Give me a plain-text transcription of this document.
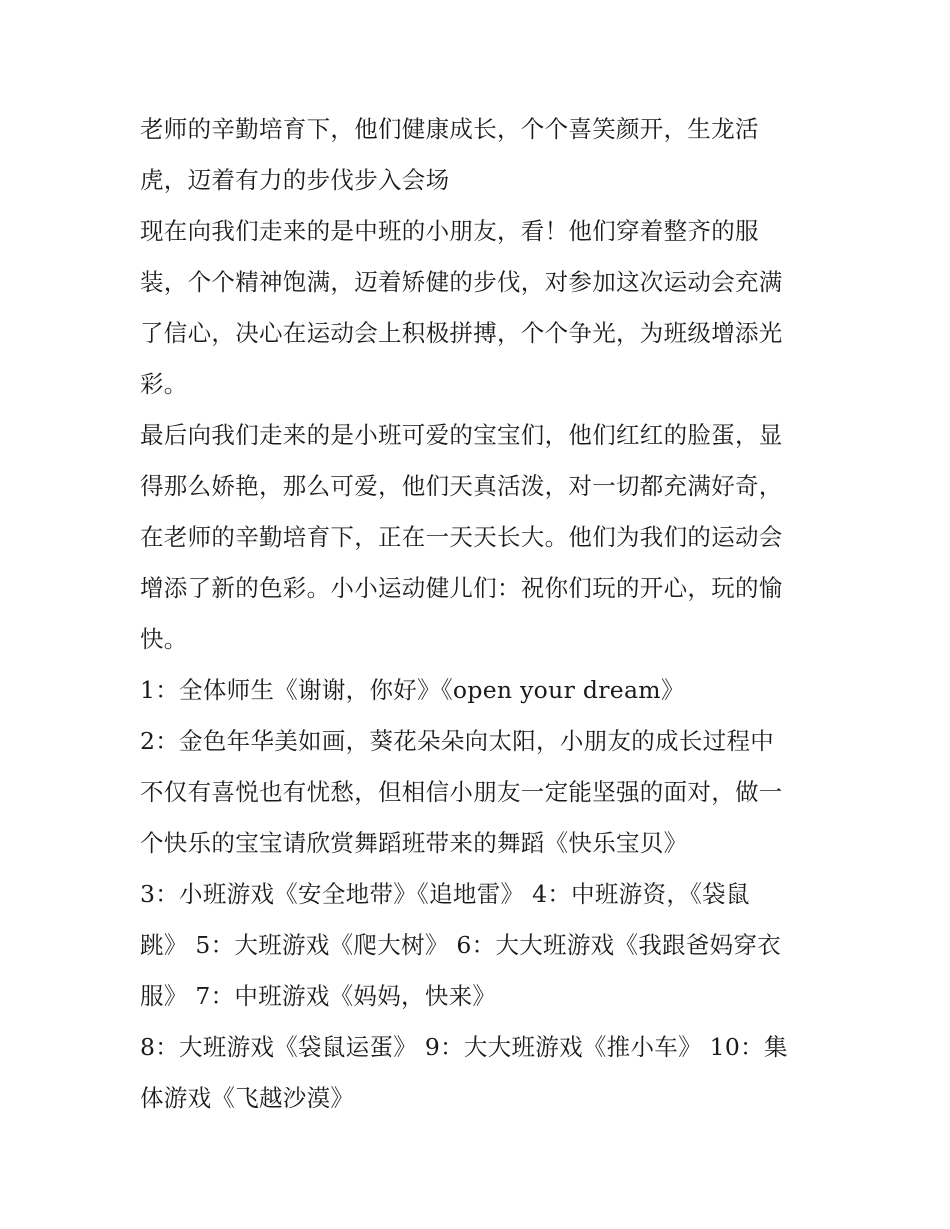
老师的辛勤培育下，他们健康成长，个个喜笑颜开，生龙活
虎，迈着有力的步伐步入会场
现在向我们走来的是中班的小朋友，看！他们穿着整齐的服
装，个个精神饱满，迈着矫健的步伐，对参加这次运动会充满
了信心，决心在运动会上积极拼搏，个个争光，为班级增添光
彩。
最后向我们走来的是小班可爱的宝宝们，他们红红的脸蛋，显
得那么娇艳，那么可爱，他们天真活泼，对一切都充满好奇，
在老师的辛勤培育下，正在一天天长大。他们为我们的运动会
增添了新的色彩。小小运动健儿们：祝你们玩的开心，玩的愉
快。
1：全体师生《谢谢，你好》《open your dream》
2：金色年华美如画，葵花朵朵向太阳，小朋友的成长过程中
不仅有喜悦也有忧愁，但相信小朋友一定能坚强的面对，做一
个快乐的宝宝请欣赏舞蹈班带来的舞蹈《快乐宝贝》
3：小班游戏《安全地带》《追地雷》 4：中班游资，《袋鼠
跳》 5：大班游戏《爬大树》 6：大大班游戏《我跟爸妈穿衣
服》 7：中班游戏《妈妈，快来》
8：大班游戏《袋鼠运蛋》 9：大大班游戏《推小车》 10：集
体游戏《飞越沙漠》
